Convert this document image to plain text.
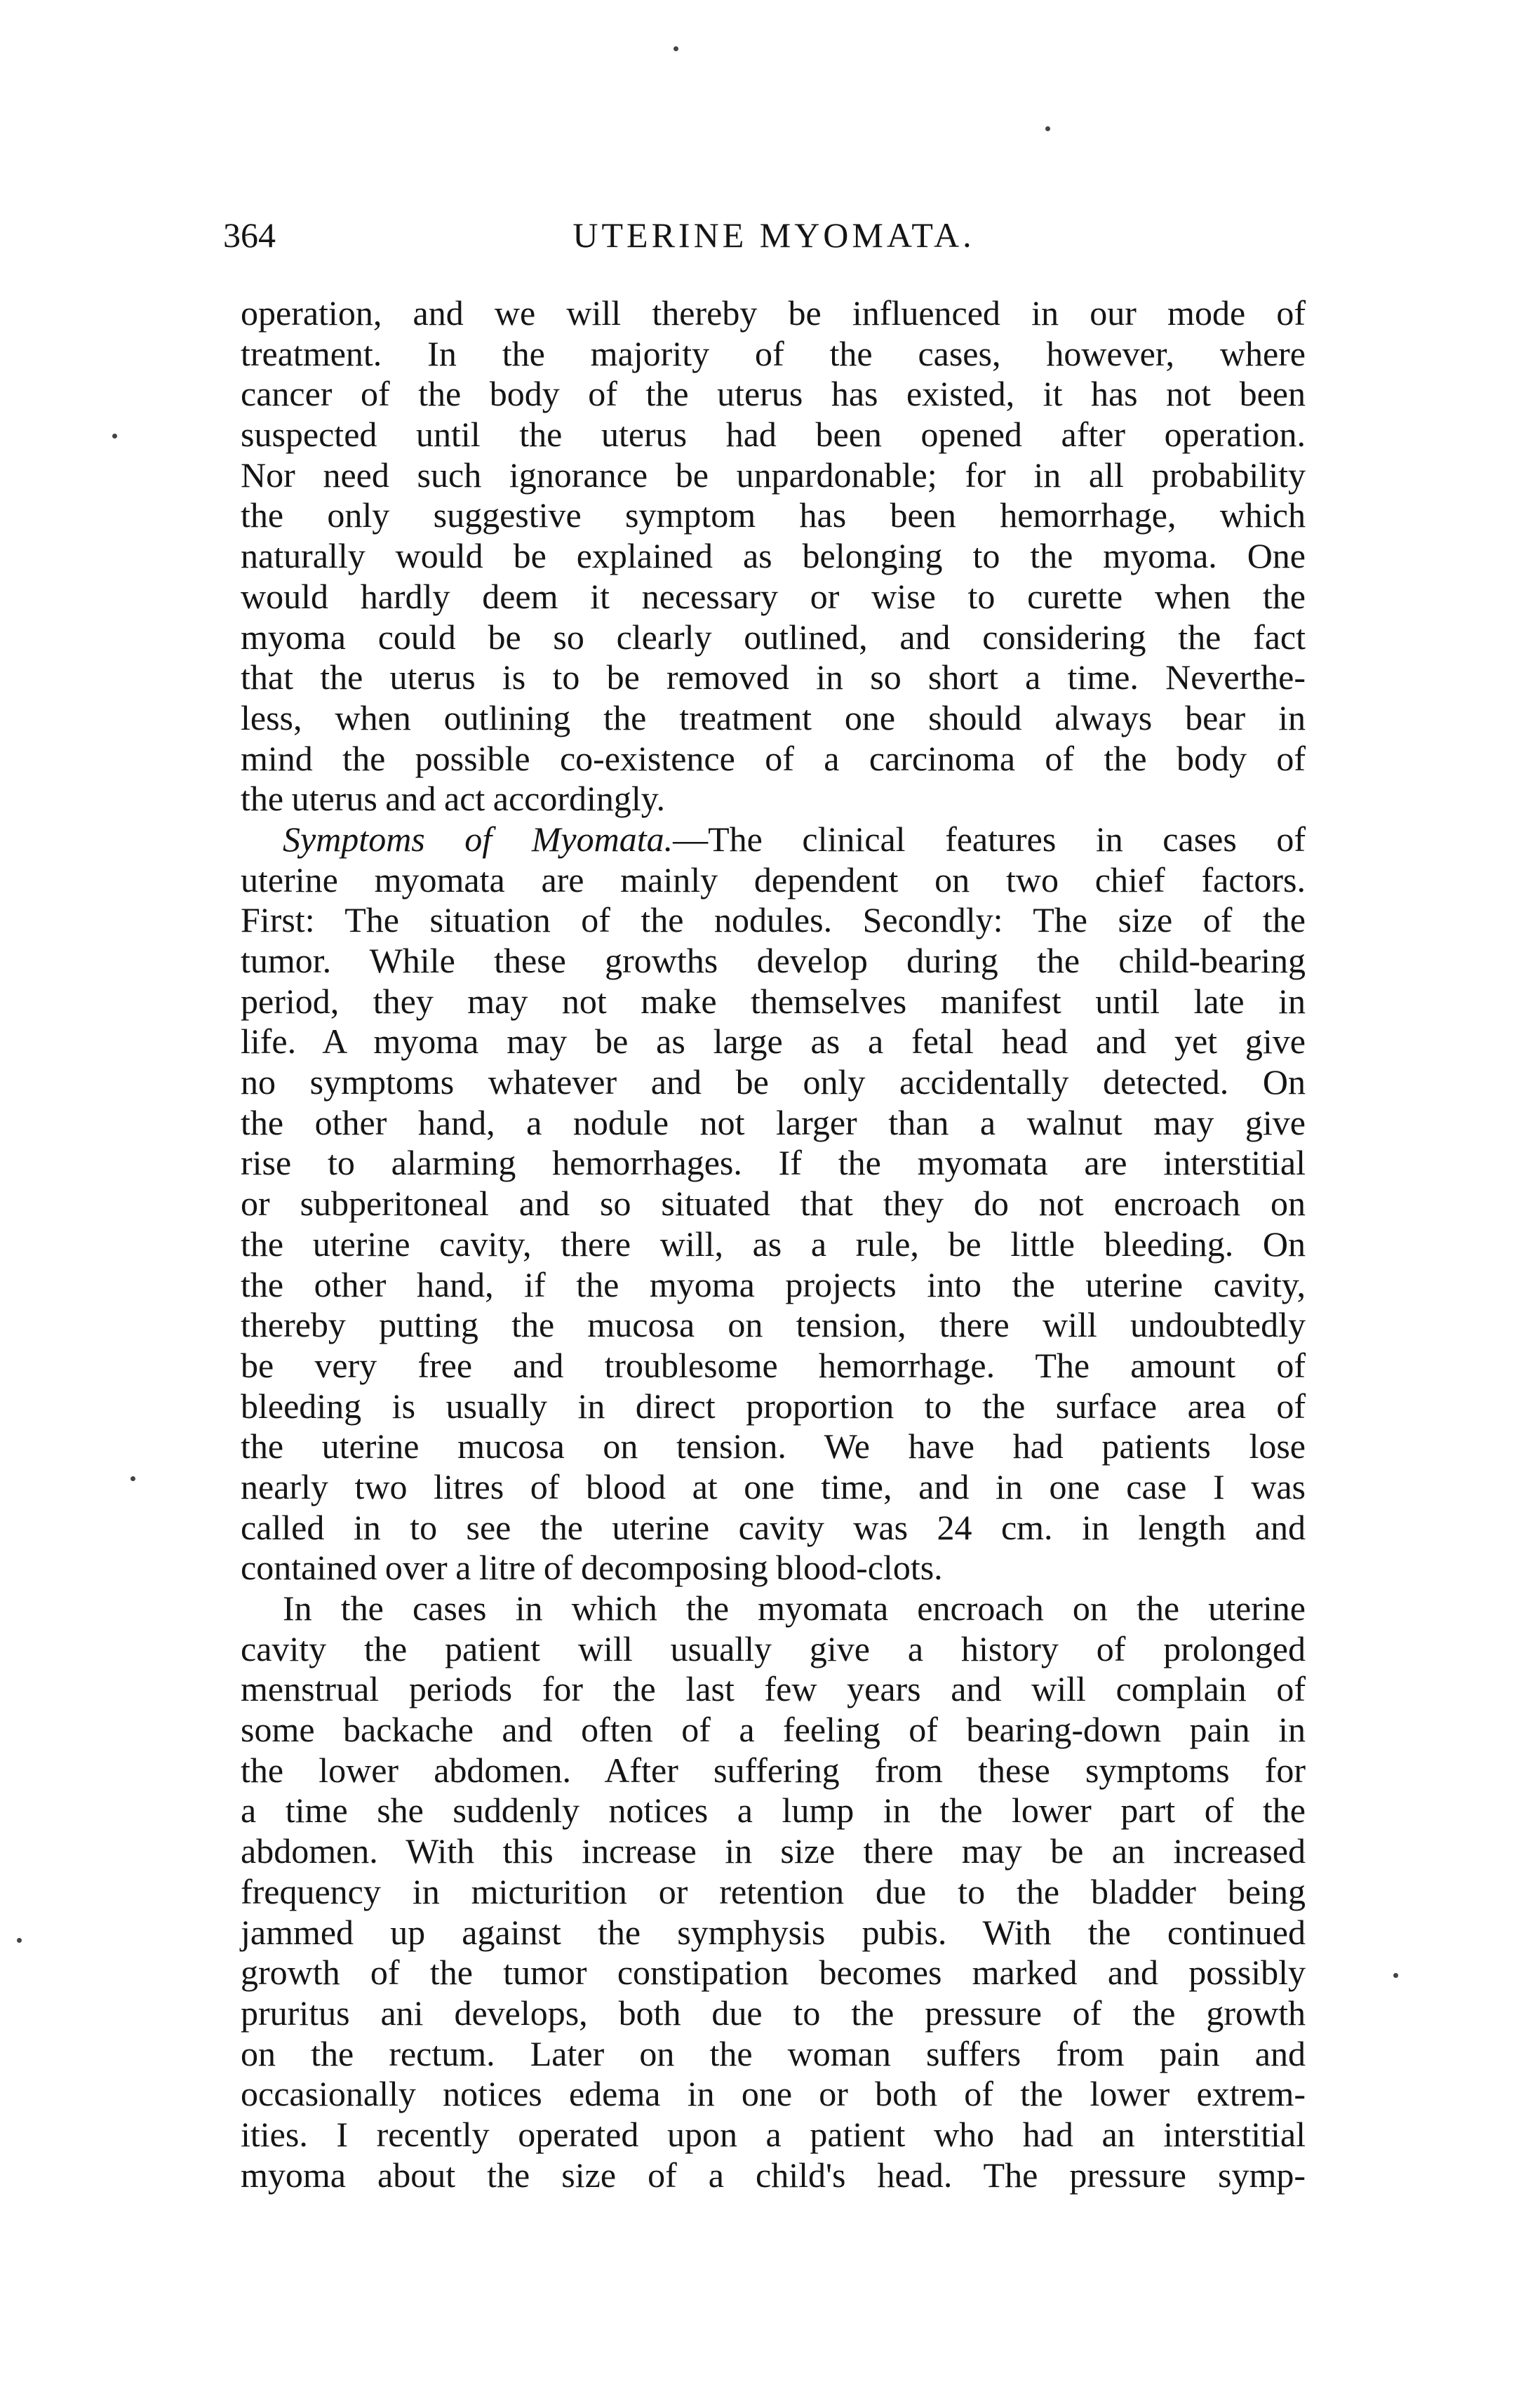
364	UTERINE MYOMATA.
operation, and we will thereby be influenced in our mode of
treatment. In the majority of the cases, however, where
cancer of the body of the uterus has existed, it has not been
suspected until the uterus had been opened after operation.
Nor need such ignorance be unpardonable; for in all probability
the only suggestive symptom has been hemorrhage, which
naturally would be explained as belonging to the myoma. One
would hardly deem it necessary or wise to curette when the
myoma could be so clearly outlined, and considering the fact
that the uterus is to be removed in so short a time. Neverthe-
less, when outlining the treatment one should always bear in
mind the possible co-existence of a carcinoma of the body of
the uterus and act accordingly.
Symptoms of Myomata.—The clinical features in cases of
uterine myomata are mainly dependent on two chief factors.
First: The situation of the nodules. Secondly: The size of the
tumor. While these growths develop during the child-bearing
period, they may not make themselves manifest until late in
life. A myoma may be as large as a fetal head and yet give
no symptoms whatever and be only accidentally detected. On
the other hand, a nodule not larger than a walnut may give
rise to alarming hemorrhages. If the myomata are interstitial
or subperitoneal and so situated that they do not encroach on
the uterine cavity, there will, as a rule, be little bleeding. On
the other hand, if the myoma projects into the uterine cavity,
thereby putting the mucosa on tension, there will undoubtedly
be very free and troublesome hemorrhage. The amount of
bleeding is usually in direct proportion to the surface area of
the uterine mucosa on tension. We have had patients lose
nearly two litres of blood at one time, and in one case I was
called in to see the uterine cavity was 24 cm. in length and
contained over a litre of decomposing blood-clots.
In the cases in which the myomata encroach on the uterine
cavity the patient will usually give a history of prolonged
menstrual periods for the last few years and will complain of
some backache and often of a feeling of bearing-down pain in
the lower abdomen. After suffering from these symptoms for
a time she suddenly notices a lump in the lower part of the
abdomen. With this increase in size there may be an increased
frequency in micturition or retention due to the bladder being
jammed up against the symphysis pubis. With the continued
growth of the tumor constipation becomes marked and possibly
pruritus ani develops, both due to the pressure of the growth
on the rectum. Later on the woman suffers from pain and
occasionally notices edema in one or both of the lower extrem-
ities. I recently operated upon a patient who had an interstitial
myoma about the size of a child's head. The pressure symp-
